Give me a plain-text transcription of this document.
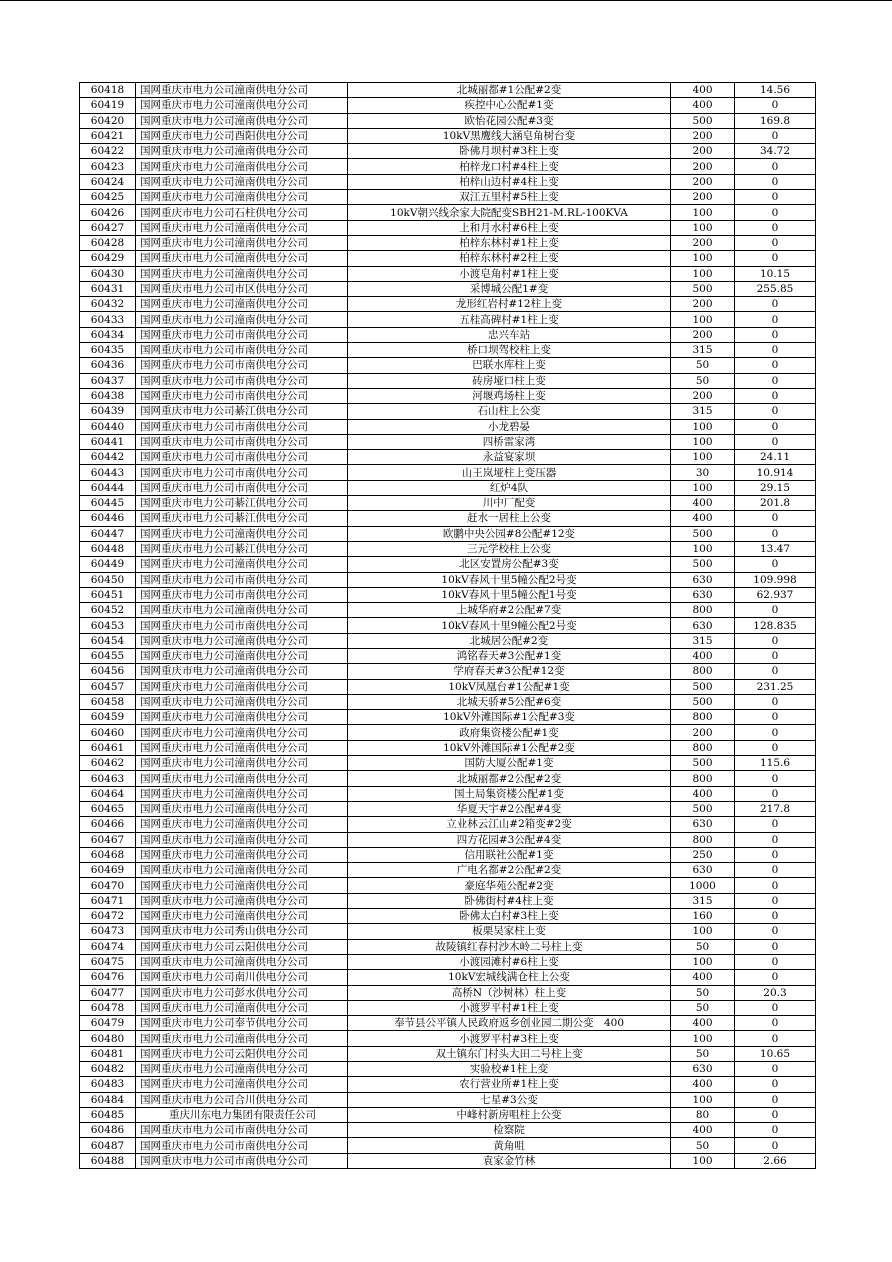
60418	国网重庆市电力公司潼南供电分公司	北城丽都#1公配#2变	400	14.56
60419	国网重庆市电力公司潼南供电分公司	疾控中心公配#1变	400	0
60420	国网重庆市电力公司潼南供电分公司	欧怡花园公配#3变	500	169.8
60421	国网重庆市电力公司酉阳供电分公司	10kV黑鹰线大涵皂角树台变	200	0
60422	国网重庆市电力公司潼南供电分公司	卧佛月坝村#3柱上变	200	34.72
60423	国网重庆市电力公司潼南供电分公司	柏梓龙口村#4柱上变	200	0
60424	国网重庆市电力公司潼南供电分公司	柏梓山边村#4柱上变	200	0
60425	国网重庆市电力公司潼南供电分公司	双江五里村#5柱上变	200	0
60426	国网重庆市电力公司石柱供电分公司	10kV朝兴线余家大院配变SBH21-M.RL-100KVA	100	0
60427	国网重庆市电力公司潼南供电分公司	上和月水村#6柱上变	100	0
60428	国网重庆市电力公司潼南供电分公司	柏梓东林村#1柱上变	200	0
60429	国网重庆市电力公司潼南供电分公司	柏梓东林村#2柱上变	100	0
60430	国网重庆市电力公司潼南供电分公司	小渡皂角村#1柱上变	100	10.15
60431	国网重庆市电力公司市区供电分公司	采博城公配1#变	500	255.85
60432	国网重庆市电力公司潼南供电分公司	龙形红岩村#12柱上变	200	0
60433	国网重庆市电力公司潼南供电分公司	五桂高碑村#1柱上变	100	0
60434	国网重庆市电力公司市南供电分公司	忠兴车站	200	0
60435	国网重庆市电力公司市南供电分公司	桥口坝驾校柱上变	315	0
60436	国网重庆市电力公司市南供电分公司	巴联水库柱上变	50	0
60437	国网重庆市电力公司市南供电分公司	砖房垭口柱上变	50	0
60438	国网重庆市电力公司市南供电分公司	河堰鸡场柱上变	200	0
60439	国网重庆市电力公司綦江供电分公司	石山柱上公变	315	0
60440	国网重庆市电力公司市南供电分公司	小龙碧晏	100	0
60441	国网重庆市电力公司市南供电分公司	四桥雷家湾	100	0
60442	国网重庆市电力公司市南供电分公司	永益宴家坝	100	24.11
60443	国网重庆市电力公司市南供电分公司	山王岚垭柱上变压器	30	10.914
60444	国网重庆市电力公司市南供电分公司	红炉4队	100	29.15
60445	国网重庆市电力公司綦江供电分公司	川中厂配变	400	201.8
60446	国网重庆市电力公司綦江供电分公司	赶水一居柱上公变	400	0
60447	国网重庆市电力公司潼南供电分公司	欧鹏中央公园#8公配#12变	500	0
60448	国网重庆市电力公司綦江供电分公司	三元学校柱上公变	100	13.47
60449	国网重庆市电力公司潼南供电分公司	北区安置房公配#3变	500	0
60450	国网重庆市电力公司市南供电分公司	10kV春风十里5幢公配2号变	630	109.998
60451	国网重庆市电力公司市南供电分公司	10kV春风十里5幢公配1号变	630	62.937
60452	国网重庆市电力公司潼南供电分公司	上城华府#2公配#7变	800	0
60453	国网重庆市电力公司市南供电分公司	10kV春风十里9幢公配2号变	630	128.835
60454	国网重庆市电力公司潼南供电分公司	北城居公配#2变	315	0
60455	国网重庆市电力公司潼南供电分公司	鸿铭春天#3公配#1变	400	0
60456	国网重庆市电力公司潼南供电分公司	学府春天#3公配#12变	800	0
60457	国网重庆市电力公司潼南供电分公司	10kV凤凰台#1公配#1变	500	231.25
60458	国网重庆市电力公司潼南供电分公司	北城天骄#5公配#6变	500	0
60459	国网重庆市电力公司潼南供电分公司	10kV外滩国际#1公配#3变	800	0
60460	国网重庆市电力公司潼南供电分公司	政府集资楼公配#1变	200	0
60461	国网重庆市电力公司潼南供电分公司	10kV外滩国际#1公配#2变	800	0
60462	国网重庆市电力公司潼南供电分公司	国防大厦公配#1变	500	115.6
60463	国网重庆市电力公司潼南供电分公司	北城丽都#2公配#2变	800	0
60464	国网重庆市电力公司潼南供电分公司	国土局集资楼公配#1变	400	0
60465	国网重庆市电力公司潼南供电分公司	华夏天宇#2公配#4变	500	217.8
60466	国网重庆市电力公司潼南供电分公司	立业林云江山#2箱变#2变	630	0
60467	国网重庆市电力公司潼南供电分公司	四方花园#3公配#4变	800	0
60468	国网重庆市电力公司潼南供电分公司	信用联社公配#1变	250	0
60469	国网重庆市电力公司潼南供电分公司	广电名都#2公配#2变	630	0
60470	国网重庆市电力公司潼南供电分公司	豪庭华苑公配#2变	1000	0
60471	国网重庆市电力公司潼南供电分公司	卧佛街村#4柱上变	315	0
60472	国网重庆市电力公司潼南供电分公司	卧佛太白村#3柱上变	160	0
60473	国网重庆市电力公司秀山供电分公司	板栗吴家柱上变	100	0
60474	国网重庆市电力公司云阳供电分公司	故陵镇红春村沙木岭二号柱上变	50	0
60475	国网重庆市电力公司潼南供电分公司	小渡园滩村#6柱上变	100	0
60476	国网重庆市电力公司南川供电分公司	10kV宏城线满仓柱上公变	400	0
60477	国网重庆市电力公司彭水供电分公司	高桥N（沙树林）柱上变	50	20.3
60478	国网重庆市电力公司潼南供电分公司	小渡罗平村#1柱上变	50	0
60479	国网重庆市电力公司奉节供电分公司	奉节县公平镇人民政府返乡创业园二期公变　400	400	0
60480	国网重庆市电力公司潼南供电分公司	小渡罗平村#3柱上变	100	0
60481	国网重庆市电力公司云阳供电分公司	双土镇东门村头大田二号柱上变	50	10.65
60482	国网重庆市电力公司潼南供电分公司	实验校#1柱上变	630	0
60483	国网重庆市电力公司潼南供电分公司	农行营业所#1柱上变	400	0
60484	国网重庆市电力公司合川供电分公司	七星#3公变	100	0
60485	重庆川东电力集团有限责任公司	中峰村新房咀柱上公变	80	0
60486	国网重庆市电力公司市南供电分公司	检察院	400	0
60487	国网重庆市电力公司市南供电分公司	黄角咀	50	0
60488	国网重庆市电力公司市南供电分公司	袁家金竹林	100	2.66
